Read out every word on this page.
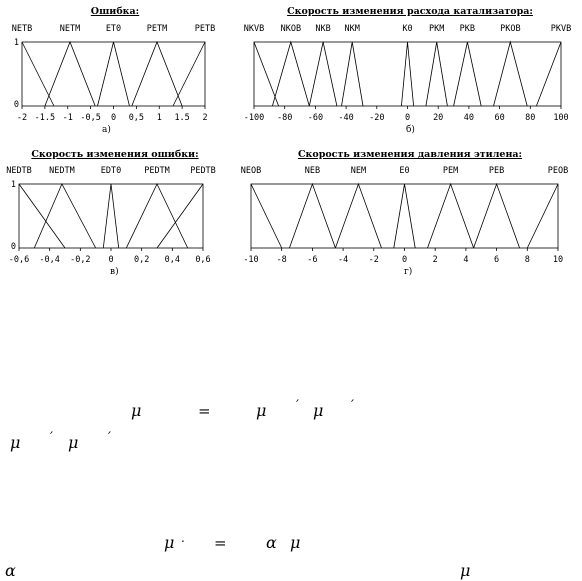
Ошибка:
-2 -1.5 -1 -0,5 0 0,5 1 1.5 2
1
0
NETB	NETM	ET0	PETM	PETB
а)
Скорость изменения расхода катализатора:
-100 -80 -60 -40 -20 0	20 40 60 80 100
NKVB NKOB NKB NKM	K0 PKM PKB	PKOB	PKVB
б)
Скорость изменения ошибки:
-0,6 -0,4 -0,2 0 0,2 0,4 0,6
1
0
NEDTB NEDTM	EDT0	PEDTM PEDTB
в)
Скорость изменения давления этилена:
-10 -8 -6 -4 -2	0	2	4	6	8	10
NEOB	NEB	NEM	E0	PEM	PEB	PEOB
г)
μ	=	μ ′ μ ′
μ ′ μ ′
μ . = α μ
α	μ
